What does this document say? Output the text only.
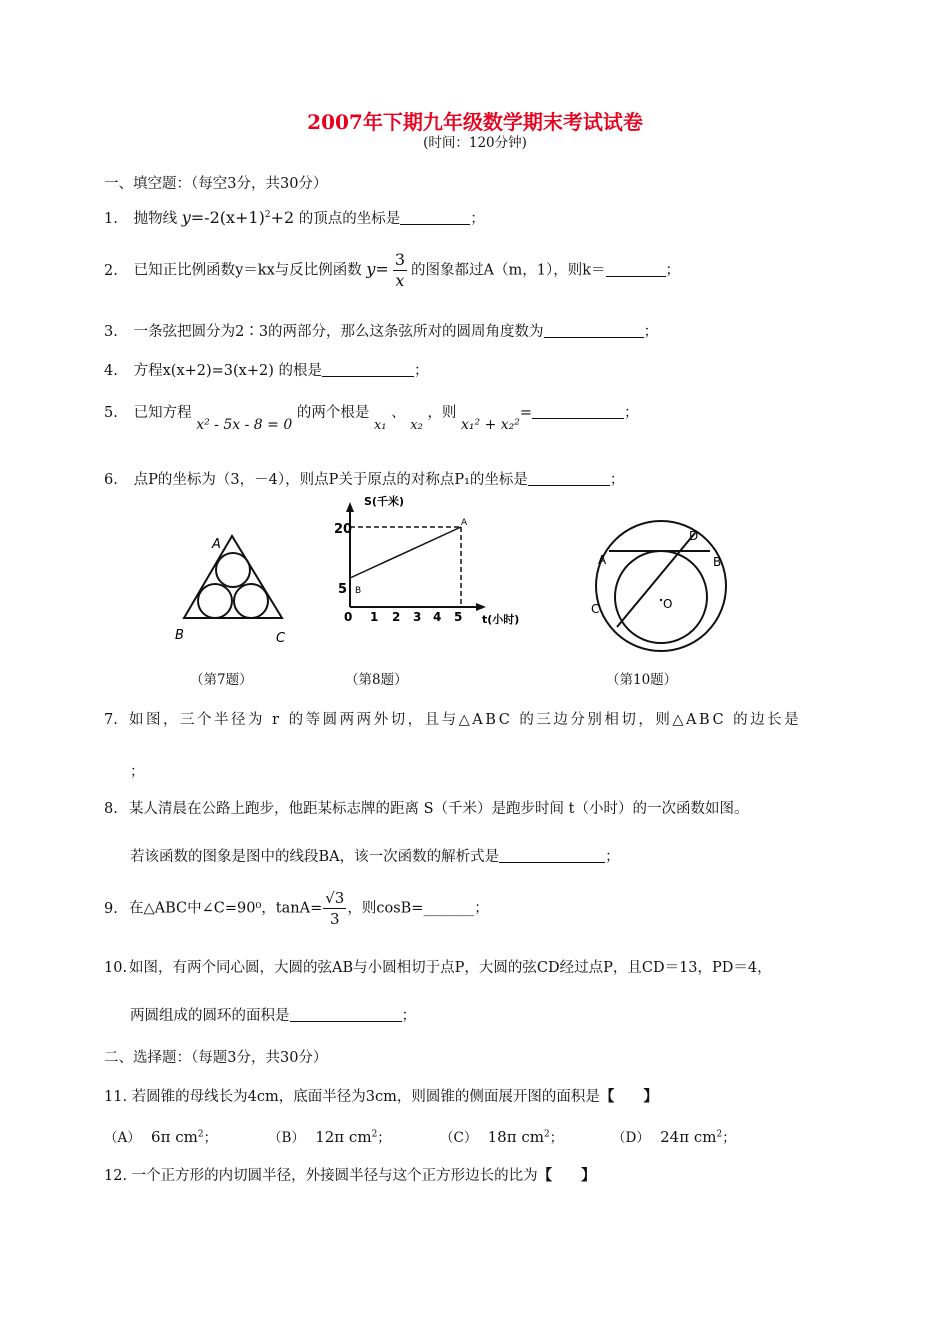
2007年下期九年级数学期末考试试卷
(时间：120分钟)
一、填空题：（每空3分，共30分）
1. 抛物线 $y=-2(x+1)^2+2$ 的顶点的坐标是	；
2. 已知正比例函数y＝kx与反比例函数 $y= \frac{3}{x}$ 的图象都过A（m，1），则k＝	；
3. 一条弦把圆分为2∶3的两部分，那么这条弦所对的圆周角度数为	；
4. 方程x(x+2)=3(x+2) 的根是	；
5. 已知方程 x² - 5x - 8 = 0 的两个根是 x₁ 、 x₂ ，则 x₁² + x₂²=	；
6. 点P的坐标为（3，－4），则点P关于原点的对称点P₁的坐标是	；
A
B	C
S(千米)
20
5
0 1 2 3 4 5 t(小时)
A
B
A	B
C
D
O
（第7题）	（第8题）	（第10题）
7. 如图，三个半径为 r 的等圆两两外切，且与△ABC 的三边分别相切，则△ABC 的边长是
；
8. 某人清晨在公路上跑步，他距某标志牌的距离 S（千米）是跑步时间 t（小时）的一次函数如图。
若该函数的图象是图中的线段BA，该一次函数的解析式是	；
9. 在△ABC中∠C=90⁰，$\tan A= \frac{√3}{3}$ ，则cosB=_______；
10. 如图，有两个同心圆，大圆的弦AB与小圆相切于点P，大圆的弦CD经过点P，且CD＝13，PD＝4，
两圆组成的圆环的面积是	；
二、选择题：（每题3分，共30分）
11. 若圆锥的母线长为4cm，底面半径为3cm，则圆锥的侧面展开图的面积是【　　】
（A） 6π $cm^2$；	（B） 12π $cm^2$；	（C） 18π $cm^2$；	（D） 24π $cm^2$；
12. 一个正方形的内切圆半径，外接圆半径与这个正方形边长的比为【　　】
